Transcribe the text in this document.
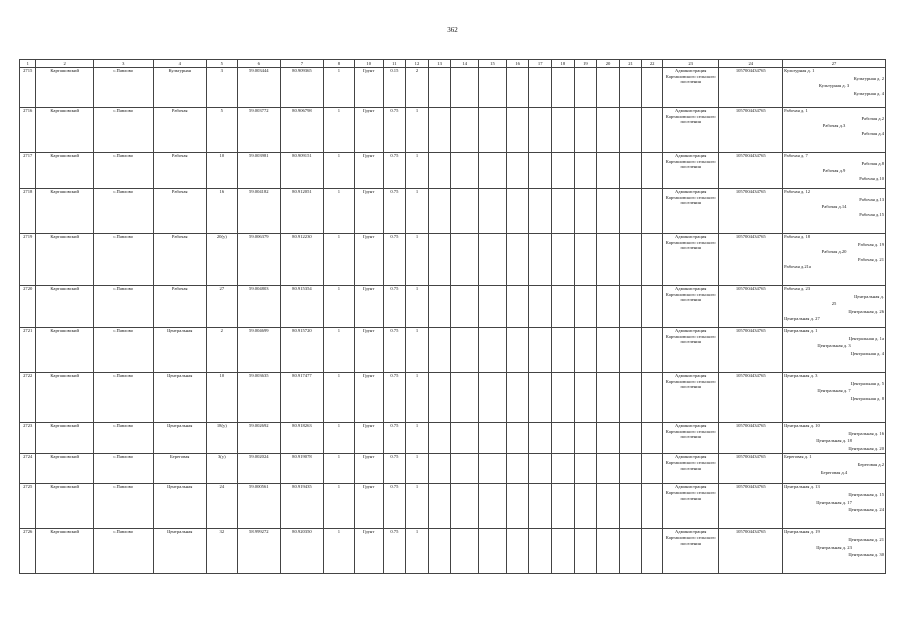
362
1	2	3	4	5	6	7	8	10	11	12	13	14	15	16	17	18	19	20	21	22	23	24	27
2715	Карташовский	с.Павлово	Культурная	3	59.003444	80.909365	1	Грунт	0.15	2											Администрация Карташовского сельского поселения	1057004434765	Культурная д. 1
Культурная д. 2
Культурная д. 3
Культурная д. 4

2716	Карташовский	с.Павлово	Рабочая	5	59.003772	80.906798	1	Грунт	0.75	1											Администрация Карташовского сельского поселения	1057004434765	Рабочая д. 1
Рабочая д.2
Рабочая д.3
Рабочая д.4

2717	Карташовский	с.Павлово	Рабочая	10	59.003981	80.909151	1	Грунт	0.75	1											Администрация Карташовского сельского поселения	1057004434765	Рабочая д. 7
Рабочая д.8
Рабочая д.9
Рабочая д.10

2718	Карташовский	с.Павлово	Рабочая	16	59.004182	80.912051	1	Грунт	0.75	1											Администрация Карташовского сельского поселения	1057004434765	Рабочая д. 12
Рабочая д.13
Рабочая д.14
Рабочая д.15

2719	Карташовский	с.Павлово	Рабочая	20(у)	59.006379	80.912230	1	Грунт	0.75	1											Администрация Карташовского сельского поселения	1057004434765	Рабочая д. 18
Рабочая д. 19
Рабочая д.20
Рабочая д. 21
Рабочая д.21а

2720	Карташовский	с.Павлово	Рабочая	27	59.004803	80.915354	1	Грунт	0.75	1											Администрация Карташовского сельского поселения	1057004434765	Рабочая д. 23
Центральная д.
25
Центральная д. 26
Центральная д. 27

2721	Карташовский	с.Павлово	Центральная	2	59.004699	80.915720	1	Грунт	0.75	1											Администрация Карташовского сельского поселения	1057004434765	Центральная д. 1
Центральная д. 1а
Центральная д. 3
Центральная д. 4

2722	Карташовский	с.Павлово	Центральная	10	59.003635	80.917477	1	Грунт	0.75	1											Администрация Карташовского сельского поселения	1057004434765	Центральная д. 3
Центральная д. 5
Центральная д. 7
Центральная д. 8

2723	Карташовский	с.Павлово	Центральная	18(у)	59.002692	80.918263	1	Грунт	0.75	1											Администрация Карташовского сельского поселения	1057004434765	Центральная д. 10
Центральная д. 16
Центральная д. 18
Центральная д. 20

2724	Карташовский	с.Павлово	Береговая	3(у)	59.002024	80.919078	1	Грунт	0.75	1											Администрация Карташовского сельского поселения	1057004434765	Береговая д. 1
Береговая д.2
Береговая д.4

2725	Карташовский	с.Павлово	Центральная	24	59.000561	80.919435	1	Грунт	0.75	1											Администрация Карташовского сельского поселения	1057004434765	Центральная д. 13
Центральная д. 15
Центральная д. 17
Центральная д. 24

2726	Карташовский	с.Павлово	Центральная	32	58.999272	80.920350	1	Грунт	0.75	1											Администрация Карташовского сельского поселения	1057004434765	Центральная д. 19
Центральная д. 21
Центральная д. 23
Центральная д. 30
